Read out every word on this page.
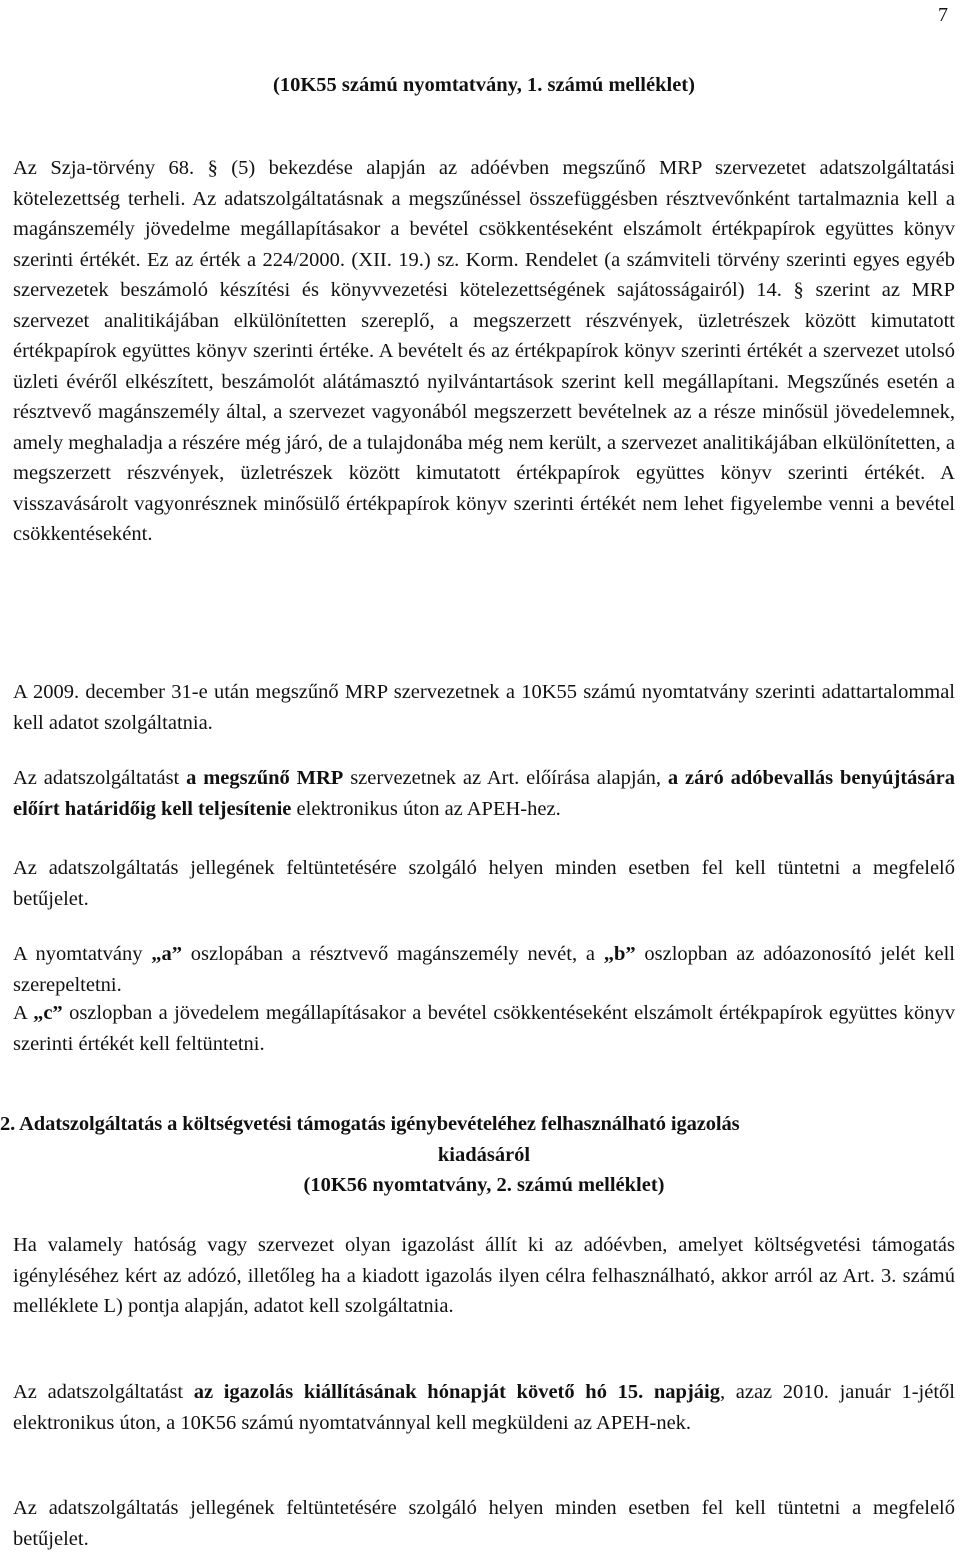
7
(10K55 számú nyomtatvány, 1. számú melléklet)
Az Szja-törvény 68. § (5) bekezdése alapján az adóévben megszűnő MRP szervezetet adatszolgáltatási kötelezettség terheli. Az adatszolgáltatásnak a megszűnéssel összefüggésben résztvevőnként tartalmaznia kell a magánszemély jövedelme megállapításakor a bevétel csökkentéseként elszámolt értékpapírok együttes könyv szerinti értékét. Ez az érték a 224/2000. (XII. 19.) sz. Korm. Rendelet (a számviteli törvény szerinti egyes egyéb szervezetek beszámoló készítési és könyvvezetési kötelezettségének sajátosságairól) 14. § szerint az MRP szervezet analitikájában elkülönítetten szereplő, a megszerzett részvények, üzletrészek között kimutatott értékpapírok együttes könyv szerinti értéke. A bevételt és az értékpapírok könyv szerinti értékét a szervezet utolsó üzleti évéről elkészített, beszámolót alátámasztó nyilvántartások szerint kell megállapítani. Megszűnés esetén a résztvevő magánszemély által, a szervezet vagyonából megszerzett bevételnek az a része minősül jövedelemnek, amely meghaladja a részére még járó, de a tulajdonába még nem került, a szervezet analitikájában elkülönítetten, a megszerzett részvények, üzletrészek között kimutatott értékpapírok együttes könyv szerinti értékét. A visszavásárolt vagyonrésznek minősülő értékpapírok könyv szerinti értékét nem lehet figyelembe venni a bevétel csökkentéseként.
A 2009. december 31-e után megszűnő MRP szervezetnek a 10K55 számú nyomtatvány szerinti adattartalommal kell adatot szolgáltatnia.
Az adatszolgáltatást a megszűnő MRP szervezetnek az Art. előírása alapján, a záró adóbevallás benyújtására előírt határidőig kell teljesítenie elektronikus úton az APEH-hez.
Az adatszolgáltatás jellegének feltüntetésére szolgáló helyen minden esetben fel kell tüntetni a megfelelő betűjelet.
A nyomtatvány „a” oszlopában a résztvevő magánszemély nevét, a „b” oszlopban az adóazonosító jelét kell szerepeltetni.
A „c” oszlopban a jövedelem megállapításakor a bevétel csökkentéseként elszámolt értékpapírok együttes könyv szerinti értékét kell feltüntetni.
2. Adatszolgáltatás a költségvetési támogatás igénybevételéhez felhasználható igazolás
kiadásáról
(10K56 nyomtatvány, 2. számú melléklet)
Ha valamely hatóság vagy szervezet olyan igazolást állít ki az adóévben, amelyet költségvetési támogatás igényléséhez kért az adózó, illetőleg ha a kiadott igazolás ilyen célra felhasználható, akkor arról az Art. 3. számú melléklete L) pontja alapján, adatot kell szolgáltatnia.
Az adatszolgáltatást az igazolás kiállításának hónapját követő hó 15. napjáig, azaz 2010. január 1-jétől elektronikus úton, a 10K56 számú nyomtatvánnyal kell megküldeni az APEH-nek.
Az adatszolgáltatás jellegének feltüntetésére szolgáló helyen minden esetben fel kell tüntetni a megfelelő betűjelet.
